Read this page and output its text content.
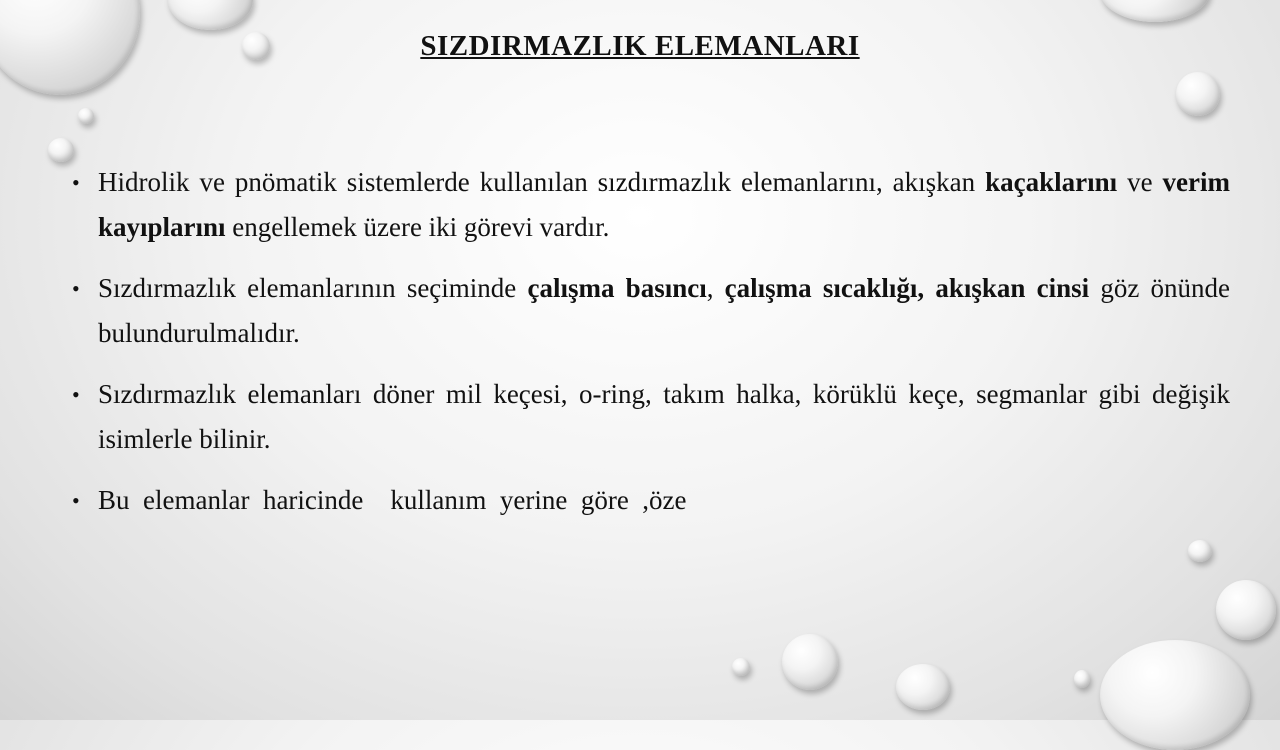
SIZDIRMAZLIK ELEMANLARI
• Hidrolik ve pnömatik sistemlerde kullanılan sızdırmazlık elemanlarını, akışkan kaçaklarını ve verim kayıplarını engellemek üzere iki görevi vardır.
• Sızdırmazlık elemanlarının seçiminde çalışma basıncı, çalışma sıcaklığı, akışkan cinsi göz önünde bulundurulmalıdır.
• Sızdırmazlık elemanları döner mil keçesi, o-ring, takım halka, körüklü keçe, segmanlar gibi değişik isimlerle bilinir.
• Bu  elemanlar  haricinde    kullanım  yerine  göre  ,öze
